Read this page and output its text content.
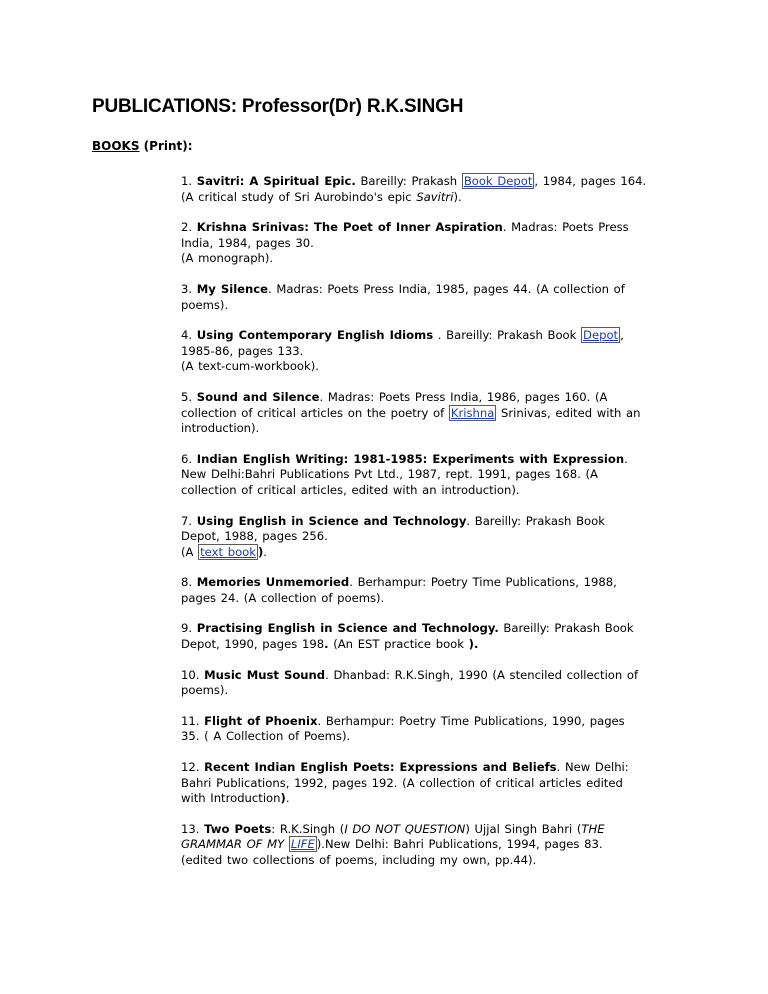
PUBLICATIONS: Professor(Dr) R.K.SINGH
BOOKS (Print):
1. Savitri: A Spiritual Epic. Bareilly: Prakash Book Depot , 1984, pages 164.
(A critical study of Sri Aurobindo's epic Savitri).
2. Krishna Srinivas: The Poet of Inner Aspiration. Madras: Poets Press
India, 1984, pages 30.
(A monograph).
3. My Silence. Madras: Poets Press India, 1985, pages 44. (A collection of
poems).
4. Using Contemporary English Idioms . Bareilly: Prakash Book Depot ,
1985-86, pages 133.
(A text-cum-workbook).
5. Sound and Silence. Madras: Poets Press India, 1986, pages 160. (A
collection of critical articles on the poetry of Krishna Srinivas, edited with an
introduction).
6. Indian English Writing: 1981-1985: Experiments with Expression.
New Delhi:Bahri Publications Pvt Ltd., 1987, rept. 1991, pages 168. (A
collection of critical articles, edited with an introduction).
7. Using English in Science and Technology. Bareilly: Prakash Book
Depot, 1988, pages 256.
(A text book ).
8. Memories Unmemoried. Berhampur: Poetry Time Publications, 1988,
pages 24. (A collection of poems).
9. Practising English in Science and Technology. Bareilly: Prakash Book
Depot, 1990, pages 198. (An EST practice book ).
10. Music Must Sound. Dhanbad: R.K.Singh, 1990 (A stenciled collection of
poems).
11. Flight of Phoenix. Berhampur: Poetry Time Publications, 1990, pages
35. ( A Collection of Poems).
12. Recent Indian English Poets: Expressions and Beliefs. New Delhi:
Bahri Publications, 1992, pages 192. (A collection of critical articles edited
with Introduction).
13. Two Poets: R.K.Singh (I DO NOT QUESTION) Ujjal Singh Bahri (THE
GRAMMAR OF MY LIFE ).New Delhi: Bahri Publications, 1994, pages 83.
(edited two collections of poems, including my own, pp.44).
